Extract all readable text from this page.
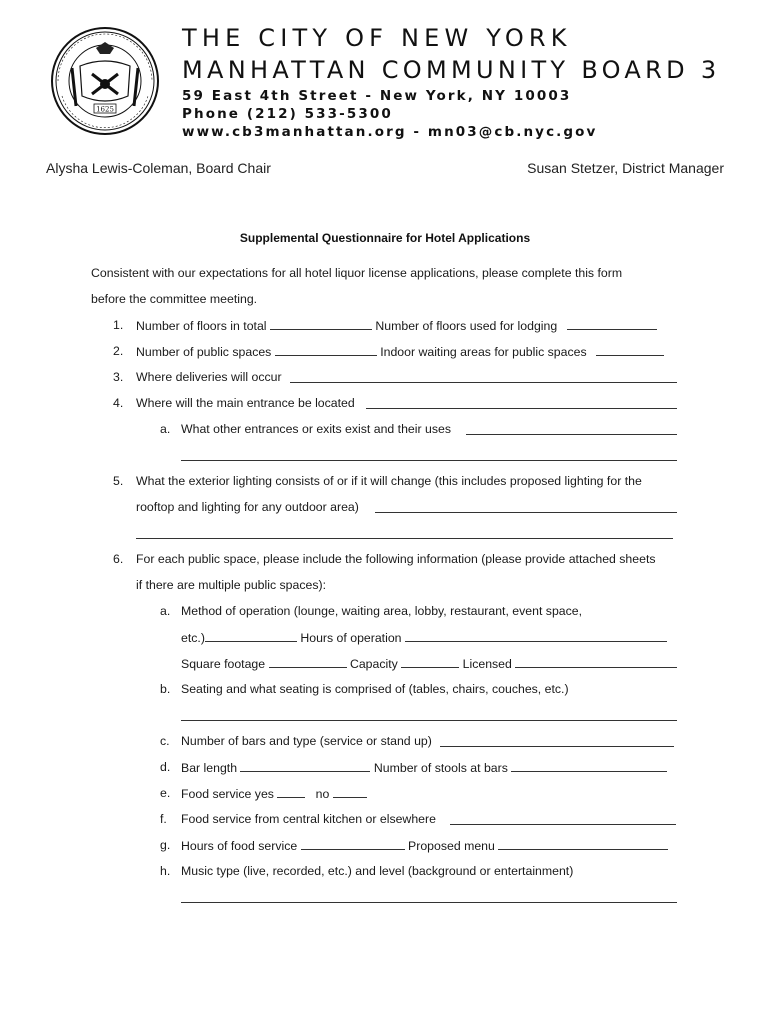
1625
THE CITY OF NEW YORK
MANHATTAN COMMUNITY BOARD 3
59 East 4th Street - New York, NY 10003
Phone (212) 533-5300
www.cb3manhattan.org - mn03@cb.nyc.gov
Alysha Lewis-Coleman, Board Chair	Susan Stetzer, District Manager
Supplemental Questionnaire for Hotel Applications
Consistent with our expectations for all hotel liquor license applications, please complete this form
before the committee meeting.
1. Number of floors in total	Number of floors used for lodging
2. Number of public spaces	Indoor waiting areas for public spaces
3. Where deliveries will occur
4. Where will the main entrance be located
a. What other entrances or exits exist and their uses
5. What the exterior lighting consists of or if it will change (this includes proposed lighting for the
rooftop and lighting for any outdoor area)
6. For each public space, please include the following information (please provide attached sheets
if there are multiple public spaces):
a. Method of operation (lounge, waiting area, lobby, restaurant, event space,
etc.)	Hours of operation
Square footage	Capacity	Licensed
b. Seating and what seating is comprised of (tables, chairs, couches, etc.)
c. Number of bars and type (service or stand up)
d. Bar length	Number of stools at bars
e. Food service yes	no
f. Food service from central kitchen or elsewhere
g. Hours of food service	Proposed menu
h. Music type (live, recorded, etc.) and level (background or entertainment)
